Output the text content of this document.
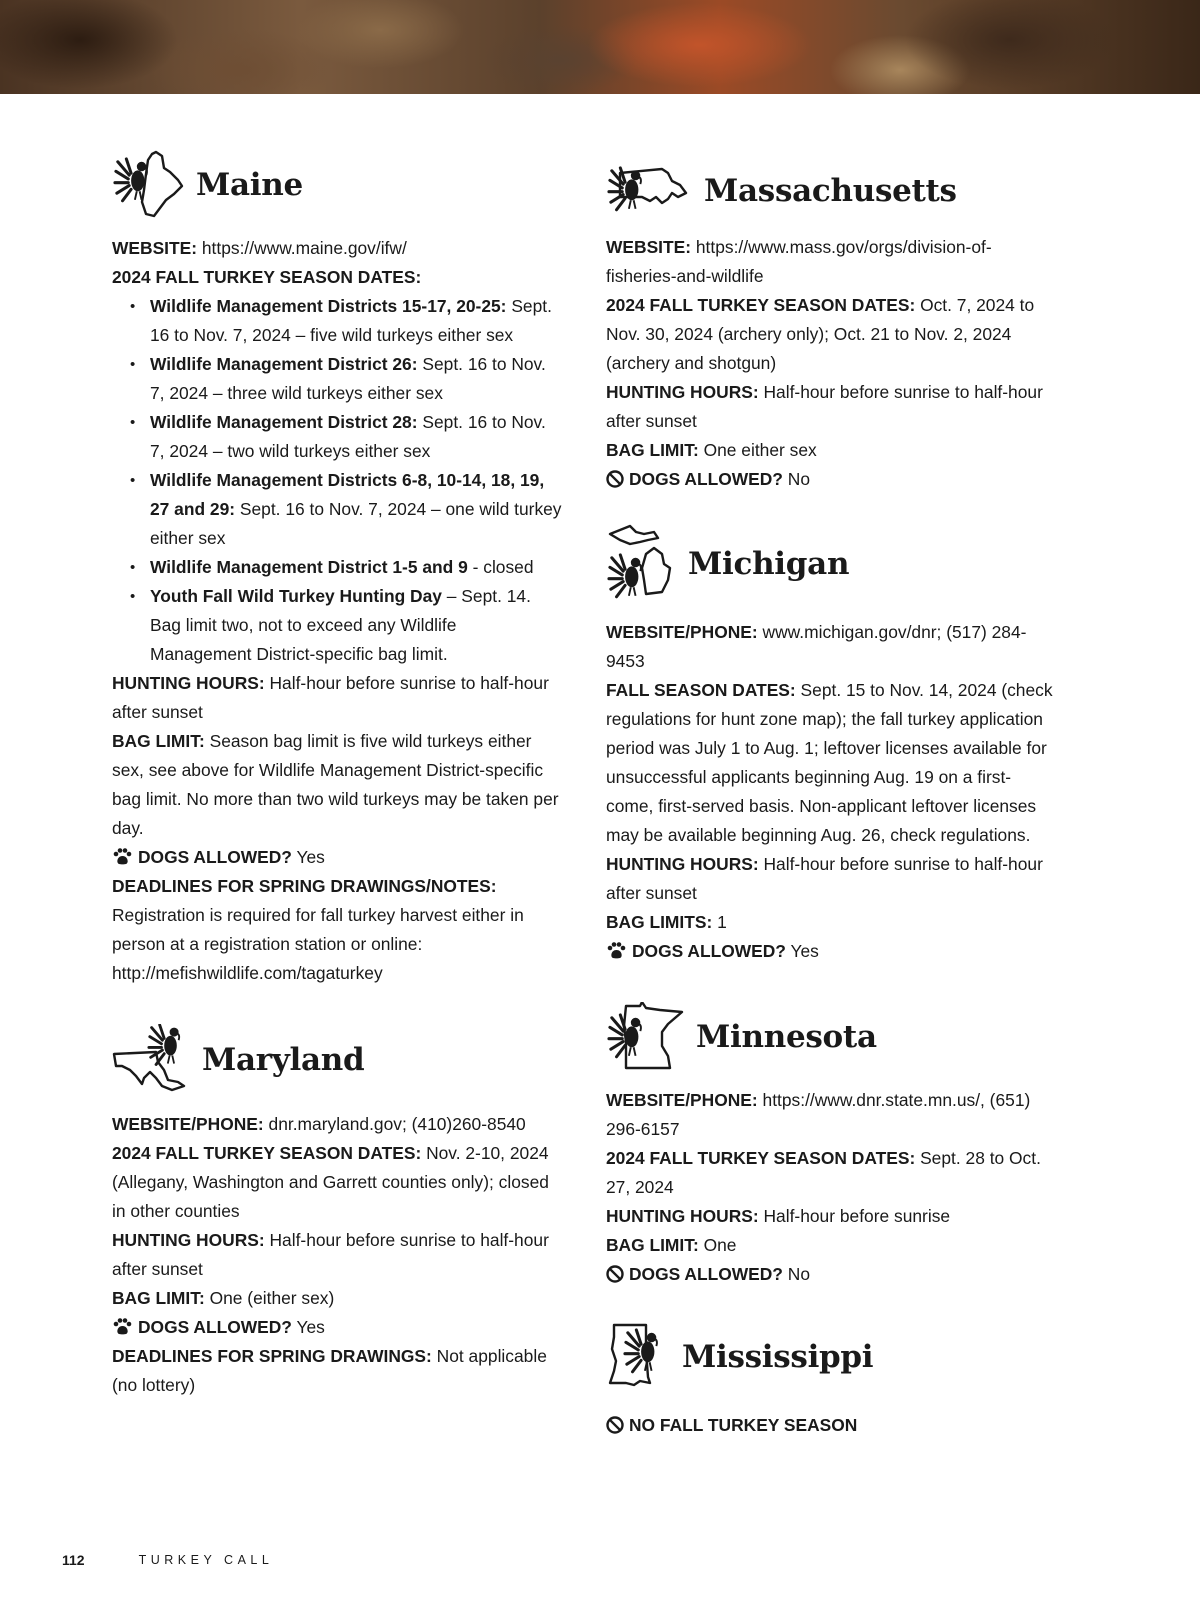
Maine

WEBSITE: https://www.maine.gov/ifw/

2024 FALL TURKEY SEASON DATES:

• Wildlife Management Districts 15-17, 20-25: Sept. 16 to Nov. 7, 2024 – five wild turkeys either sex
• Wildlife Management District 26: Sept. 16 to Nov. 7, 2024 – three wild turkeys either sex
• Wildlife Management District 28: Sept. 16 to Nov. 7, 2024 – two wild turkeys either sex
• Wildlife Management Districts 6-8, 10-14, 18, 19, 27 and 29: Sept. 16 to Nov. 7, 2024 – one wild turkey either sex
• Wildlife Management District 1-5 and 9 - closed
• Youth Fall Wild Turkey Hunting Day – Sept. 14. Bag limit two, not to exceed any Wildlife Management District-specific bag limit.

HUNTING HOURS: Half-hour before sunrise to half-hour after sunset

BAG LIMIT: Season bag limit is five wild turkeys either sex, see above for Wildlife Management District-specific bag limit. No more than two wild turkeys may be taken per day.

DOGS ALLOWED? Yes

DEADLINES FOR SPRING DRAWINGS/NOTES:
Registration is required for fall turkey harvest either in person at a registration station or online: http://mefishwildlife.com/tagaturkey

Maryland

WEBSITE/PHONE: dnr.maryland.gov; (410)260-8540

2024 FALL TURKEY SEASON DATES: Nov. 2-10, 2024 (Allegany, Washington and Garrett counties only); closed in other counties

HUNTING HOURS: Half-hour before sunrise to half-hour after sunset

BAG LIMIT: One (either sex)

DOGS ALLOWED? Yes

DEADLINES FOR SPRING DRAWINGS: Not applicable (no lottery)

Massachusetts

WEBSITE: https://www.mass.gov/orgs/division-of-fisheries-and-wildlife

2024 FALL TURKEY SEASON DATES: Oct. 7, 2024 to Nov. 30, 2024 (archery only); Oct. 21 to Nov. 2, 2024 (archery and shotgun)

HUNTING HOURS: Half-hour before sunrise to half-hour after sunset

BAG LIMIT: One either sex

DOGS ALLOWED? No

Michigan

WEBSITE/PHONE: www.michigan.gov/dnr; (517) 284-9453

FALL SEASON DATES: Sept. 15 to Nov. 14, 2024 (check regulations for hunt zone map); the fall turkey application period was July 1 to Aug. 1; leftover licenses available for unsuccessful applicants beginning Aug. 19 on a first-come, first-served basis. Non-applicant leftover licenses may be available beginning Aug. 26, check regulations.

HUNTING HOURS: Half-hour before sunrise to half-hour after sunset

BAG LIMITS: 1

DOGS ALLOWED? Yes

Minnesota

WEBSITE/PHONE: https://www.dnr.state.mn.us/, (651) 296-6157

2024 FALL TURKEY SEASON DATES: Sept. 28 to Oct. 27, 2024

HUNTING HOURS: Half-hour before sunrise

BAG LIMIT: One

DOGS ALLOWED? No

Mississippi

NO FALL TURKEY SEASON

112	TURKEY CALL
